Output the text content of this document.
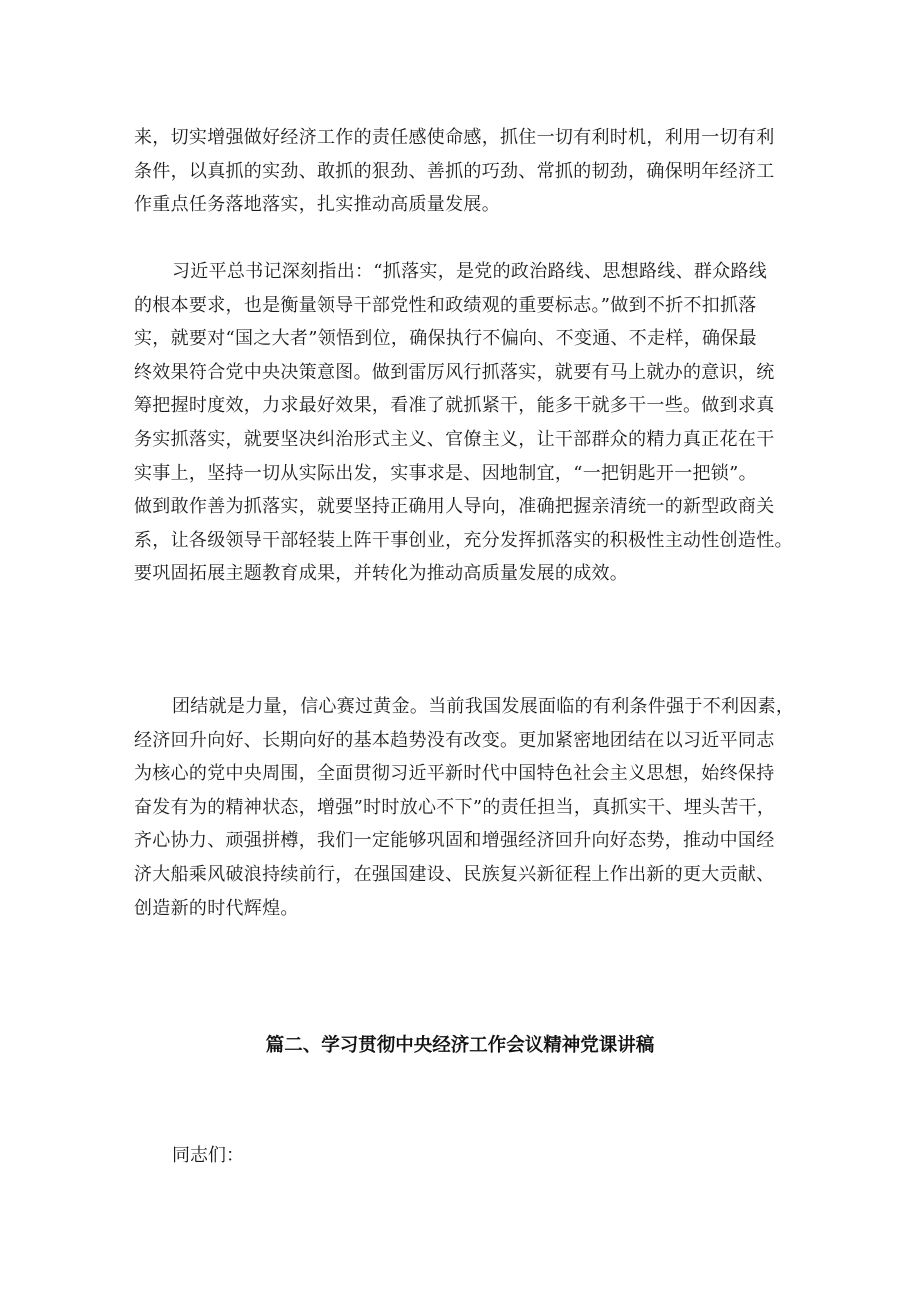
来，切实增强做好经济工作的责任感使命感，抓住一切有利时机，利用一切有利
条件，以真抓的实劲、敢抓的狠劲、善抓的巧劲、常抓的韧劲，确保明年经济工
作重点任务落地落实，扎实推动高质量发展。
习近平总书记深刻指出：“抓落实，是党的政治路线、思想路线、群众路线
的根本要求，也是衡量领导干部党性和政绩观的重要标志。”做到不折不扣抓落
实，就要对“国之大者”领悟到位，确保执行不偏向、不变通、不走样，确保最
终效果符合党中央决策意图。做到雷厉风行抓落实，就要有马上就办的意识，统
筹把握时度效，力求最好效果，看准了就抓紧干，能多干就多干一些。做到求真
务实抓落实，就要坚决纠治形式主义、官僚主义，让干部群众的精力真正花在干
实事上，坚持一切从实际出发，实事求是、因地制宜，“一把钥匙开一把锁”。
做到敢作善为抓落实，就要坚持正确用人导向，准确把握亲清统一的新型政商关
系，让各级领导干部轻装上阵干事创业，充分发挥抓落实的积极性主动性创造性。
要巩固拓展主题教育成果，并转化为推动高质量发展的成效。
团结就是力量，信心赛过黄金。当前我国发展面临的有利条件强于不利因素，
经济回升向好、长期向好的基本趋势没有改变。更加紧密地团结在以习近平同志
为核心的党中央周围，全面贯彻习近平新时代中国特色社会主义思想，始终保持
奋发有为的精神状态，增强”时时放心不下”的责任担当，真抓实干、埋头苦干，
齐心协力、顽强拼樽，我们一定能够巩固和增强经济回升向好态势，推动中国经
济大船乘风破浪持续前行，在强国建设、民族复兴新征程上作出新的更大贡献、
创造新的时代辉煌。
篇二、学习贯彻中央经济工作会议精神党课讲稿

同志们：
